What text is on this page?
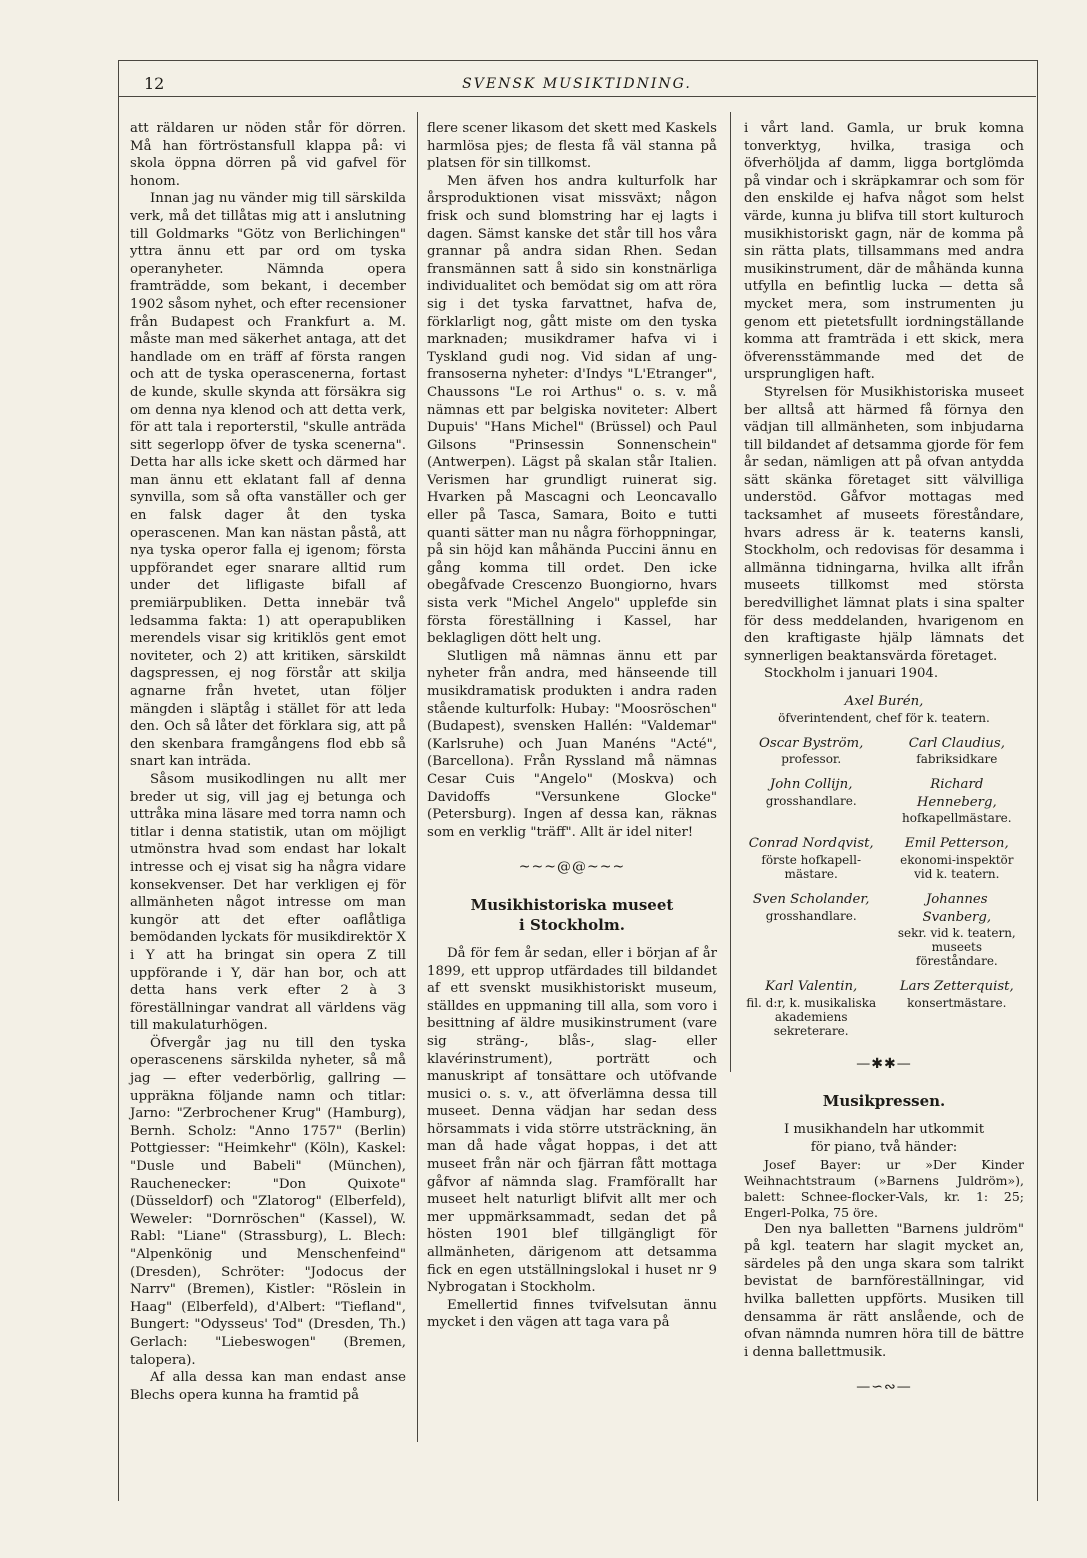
12	SVENSK MUSIKTIDNING.

att räldaren ur nöden står för dörren. Må han förtröstansfull klappa på: vi skola öppna dörren på vid gafvel för honom.

Innan jag nu vänder mig till särskilda verk, må det tillåtas mig att i anslutning till Goldmarks "Götz von Berlichingen" yttra ännu ett par ord om tyska operanyheter. Nämnda opera framträdde, som bekant, i december 1902 såsom nyhet, och efter recensioner från Budapest och Frankfurt a. M. måste man med säkerhet antaga, att det handlade om en träff af första rangen och att de tyska operascenerna, fortast de kunde, skulle skynda att försäkra sig om denna nya klenod och att detta verk, för att tala i reporterstil, "skulle anträda sitt segerlopp öfver de tyska scenerna". Detta har alls icke skett och därmed har man ännu ett eklatant fall af denna synvilla, som så ofta vanställer och ger en falsk dager åt den tyska operascenen. Man kan nästan påstå, att nya tyska operor falla ej igenom; första uppförandet eger snarare alltid rum under det lifligaste bifall af premiärpubliken. Detta innebär två ledsamma fakta: 1) att operapubliken merendels visar sig kritiklös gent emot noviteter, och 2) att kritiken, särskildt dagspressen, ej nog förstår att skilja agnarne från hvetet, utan följer mängden i släptåg i stället för att leda den. Och så låter det förklara sig, att på den skenbara framgångens flod ebb så snart kan inträda.

Såsom musikodlingen nu allt mer breder ut sig, vill jag ej betunga och uttråka mina läsare med torra namn och titlar i denna statistik, utan om möjligt utmönstra hvad som endast har lokalt intresse och ej visat sig ha några vidare konsekvenser. Det har verkligen ej för allmänheten något intresse om man kungör att det efter oaflåtliga bemödanden lyckats för musikdirektör X i Y att ha bringat sin opera Z till uppförande i Y, där han bor, och att detta hans verk efter 2 à 3 föreställningar vandrat all världens väg till makulaturhögen.

Öfvergår jag nu till den tyska operascenens särskilda nyheter, så må jag — efter vederbörlig, gallring — uppräkna följande namn och titlar: Jarno: "Zerbrochener Krug" (Hamburg), Bernh. Scholz: "Anno 1757" (Berlin) Pottgiesser: "Heimkehr" (Köln), Kaskel: "Dusle und Babeli" (München), Rauchenecker: "Don Quixote" (Düsseldorf) och "Zlatorog" (Elberfeld), Weweler: "Dornröschen" (Kassel), W. Rabl: "Liane" (Strassburg), L. Blech: "Alpenkönig und Menschenfeind" (Dresden), Schröter: "Jodocus der Narrv" (Bremen), Kistler: "Röslein in Haag" (Elberfeld), d'Albert: "Tiefland", Bungert: "Odysseus' Tod" (Dresden, Th.) Gerlach: "Liebeswogen" (Bremen, talopera).

Af alla dessa kan man endast anse Blechs opera kunna ha framtid på

flere scener likasom det skett med Kaskels harmlösa pjes; de flesta få väl stanna på platsen för sin tillkomst.

Men äfven hos andra kulturfolk har årsproduktionen visat missväxt; någon frisk och sund blomstring har ej lagts i dagen. Sämst kanske det står till hos våra grannar på andra sidan Rhen. Sedan fransmännen satt å sido sin konstnärliga individualitet och bemödat sig om att röra sig i det tyska farvattnet, hafva de, förklarligt nog, gått miste om den tyska marknaden; musikdramer hafva vi i Tyskland gudi nog. Vid sidan af ung-fransoserna nyheter: d'Indys "L'Etranger", Chaussons "Le roi Arthus" o. s. v. må nämnas ett par belgiska noviteter: Albert Dupuis' "Hans Michel" (Brüssel) och Paul Gilsons "Prinsessin Sonnenschein" (Antwerpen). Lägst på skalan står Italien. Verismen har grundligt ruinerat sig. Hvarken på Mascagni och Leoncavallo eller på Tasca, Samara, Boito e tutti quanti sätter man nu några förhoppningar, på sin höjd kan måhända Puccini ännu en gång komma till ordet. Den icke obegåfvade Crescenzo Buongiorno, hvars sista verk "Michel Angelo" upplefde sin första föreställning i Kassel, har beklagligen dött helt ung.

Slutligen må nämnas ännu ett par nyheter från andra, med hänseende till musikdramatisk produkten i andra raden stående kulturfolk: Hubay: "Moosröschen" (Budapest), svensken Hallén: "Valdemar" (Karlsruhe) och Juan Manéns "Acté", (Barcellona). Från Ryssland må nämnas Cesar Cuis "Angelo" (Moskva) och Davidoffs "Versunkene Glocke" (Petersburg). Ingen af dessa kan, räknas som en verklig "träff". Allt är idel niter!

~~~@@~~~
Musikhistoriska museet
i Stockholm.

Då för fem år sedan, eller i början af år 1899, ett upprop utfärdades till bildandet af ett svenskt musikhistoriskt museum, ställdes en uppmaning till alla, som voro i besittning af äldre musikinstrument (vare sig sträng-, blås-, slag- eller klavérinstrument), porträtt och manuskript af tonsättare och utöfvande musici o. s. v., att öfverlämna dessa till museet. Denna vädjan har sedan dess hörsammats i vida större utsträckning, än man då hade vågat hoppas, i det att museet från när och fjärran fått mottaga gåfvor af nämnda slag. Framförallt har museet helt naturligt blifvit allt mer och mer uppmärksammadt, sedan det på hösten 1901 blef tillgängligt för allmänheten, därigenom att detsamma fick en egen utställningslokal i huset nr 9 Nybrogatan i Stockholm.

Emellertid finnes tvifvelsutan ännu mycket i den vägen att taga vara på

i vårt land. Gamla, ur bruk komna tonverktyg, hvilka, trasiga och öfverhöljda af damm, ligga bortglömda på vindar och i skräpkamrar och som för den enskilde ej hafva något som helst värde, kunna ju blifva till stort kulturoch musikhistoriskt gagn, när de komma på sin rätta plats, tillsammans med andra musikinstrument, där de måhända kunna utfylla en befintlig lucka — detta så mycket mera, som instrumenten ju genom ett pietetsfullt iordningställande komma att framträda i ett skick, mera öfverensstämmande med det de ursprungligen haft.

Styrelsen för Musikhistoriska museet ber alltså att härmed få förnya den vädjan till allmänheten, som inbjudarna till bildandet af detsamma gjorde för fem år sedan, nämligen att på ofvan antydda sätt skänka företaget sitt välvilliga understöd. Gåfvor mottagas med tacksamhet af museets föreståndare, hvars adress är k. teaterns kansli, Stockholm, och redovisas för desamma i allmänna tidningarna, hvilka allt ifrån museets tillkomst med största beredvillighet lämnat plats i sina spalter för dess meddelanden, hvarigenom en den kraftigaste hjälp lämnats det synnerligen beaktansvärda företaget.

Stockholm i januari 1904.

Axel Burén,
öfverintendent, chef för k. teatern.
Oscar Byström,
professor.
Carl Claudius,
fabriksidkare
John Collijn,
grosshandlare.
Richard Henneberg,
hofkapellmästare.
Conrad Nordqvist,
förste hofkapell-mästare.
Emil Petterson,
ekonomi-inspektör vid k. teatern.
Sven Scholander,
grosshandlare.
Johannes Svanberg,
sekr. vid k. teatern, museets föreståndare.
Karl Valentin,
fil. d:r, k. musikaliska akademiens sekreterare.
Lars Zetterquist,
konsertmästare.
—✱✱—
Musikpressen.

I musikhandeln har utkommit

för piano, två händer:

Josef Bayer: ur »Der Kinder Weihnachtstraum (»Barnens Juldröm»), balett: Schnee-flocker-Vals, kr. 1: 25; Engerl-Polka, 75 öre.

Den nya balletten "Barnens juldröm" på kgl. teatern har slagit mycket an, särdeles på den unga skara som talrikt bevistat de barnföreställningar, vid hvilka balletten uppförts. Musiken till densamma är rätt anslående, och de ofvan nämnda numren höra till de bättre i denna ballettmusik.

—∽∾—
